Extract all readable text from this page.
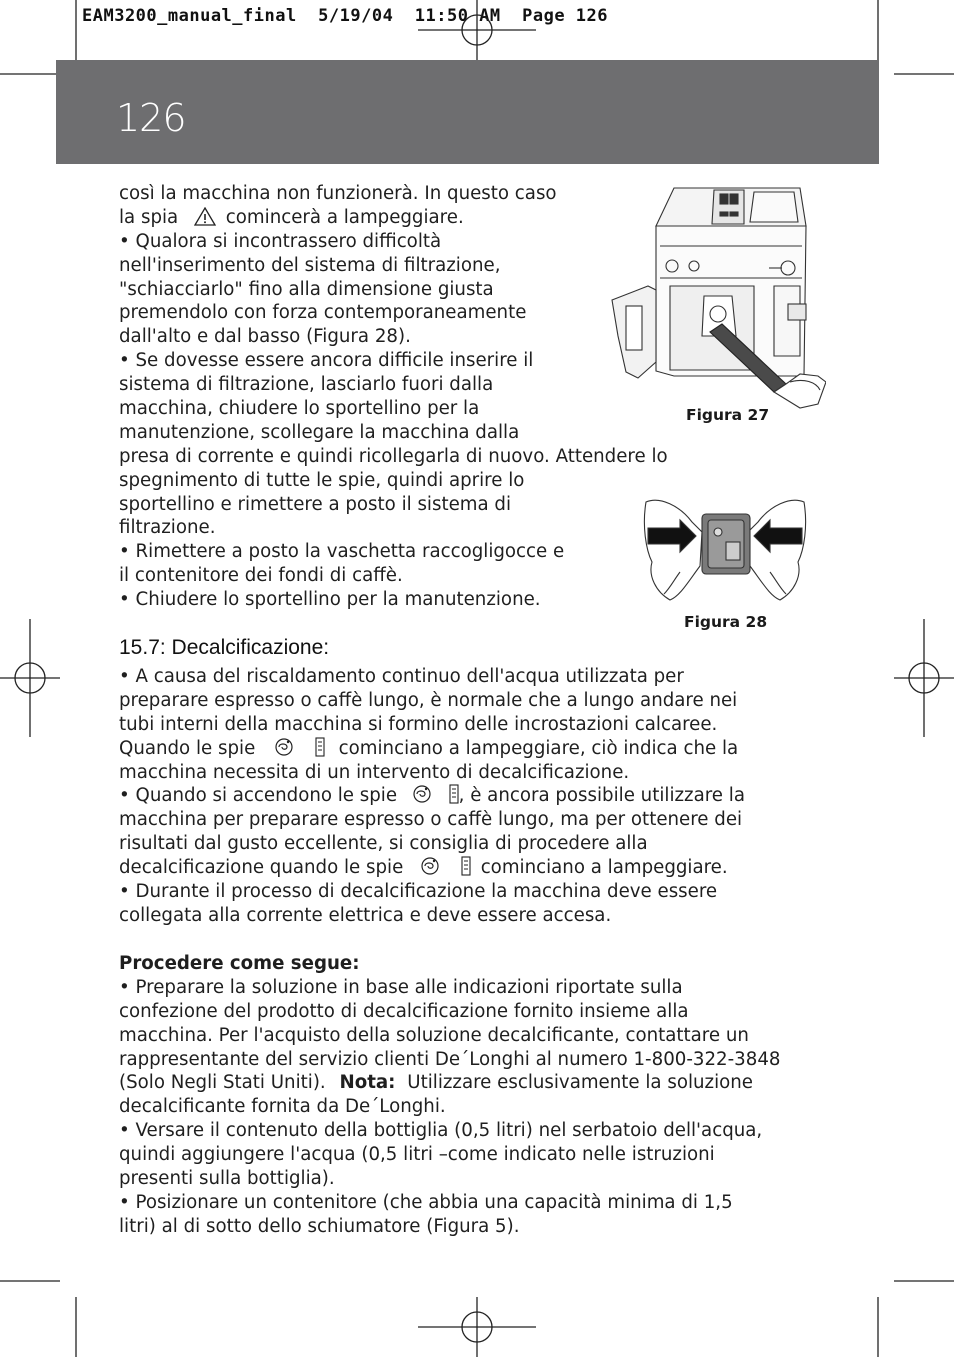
EAM3200_manual_final  5/19/04  11:50 AM  Page 126
126
così la macchina non funzionerà. In questo caso
la spia	comincerà a lampeggiare.
• Qualora si incontrassero difficoltà
nell'inserimento del sistema di filtrazione,
"schiacciarlo" fino alla dimensione giusta
premendolo con forza contemporaneamente
dall'alto e dal basso (Figura 28).
• Se dovesse essere ancora difficile inserire il
sistema di filtrazione, lasciarlo fuori dalla
macchina, chiudere lo sportellino per la
manutenzione, scollegare la macchina dalla
presa di corrente e quindi ricollegarla di nuovo. Attendere lo
spegnimento di tutte le spie, quindi aprire lo
sportellino e rimettere a posto il sistema di
filtrazione.
• Rimettere a posto la vaschetta raccogligocce e
il contenitore dei fondi di caffè.
• Chiudere lo sportellino per la manutenzione.
Figura 27
Figura 28
15.7: Decalcificazione:
• A causa del riscaldamento continuo dell'acqua utilizzata per
preparare espresso o caffè lungo, è normale che a lungo andare nei
tubi interni della macchina si formino delle incrostazioni calcaree.
Quando le spie	cominciano a lampeggiare, ciò indica che la
macchina necessita di un intervento di decalcificazione.
• Quando si accendono le spie	, è ancora possibile utilizzare la
macchina per preparare espresso o caffè lungo, ma per ottenere dei
risultati dal gusto eccellente, si consiglia di procedere alla
decalcificazione quando le spie	cominciano a lampeggiare.
• Durante il processo di decalcificazione la macchina deve essere
collegata alla corrente elettrica e deve essere accesa.
Procedere come segue:
• Preparare la soluzione in base alle indicazioni riportate sulla
confezione del prodotto di decalcificazione fornito insieme alla
macchina. Per l'acquisto della soluzione decalcificante, contattare un
rappresentante del servizio clienti De´Longhi al numero 1-800-322-3848
(Solo Negli Stati Uniti). Nota: Utilizzare esclusivamente la soluzione
decalcificante fornita da De´Longhi.
• Versare il contenuto della bottiglia (0,5 litri) nel serbatoio dell'acqua,
quindi aggiungere l'acqua (0,5 litri –come indicato nelle istruzioni
presenti sulla bottiglia).
• Posizionare un contenitore (che abbia una capacità minima di 1,5
litri) al di sotto dello schiumatore (Figura 5).
